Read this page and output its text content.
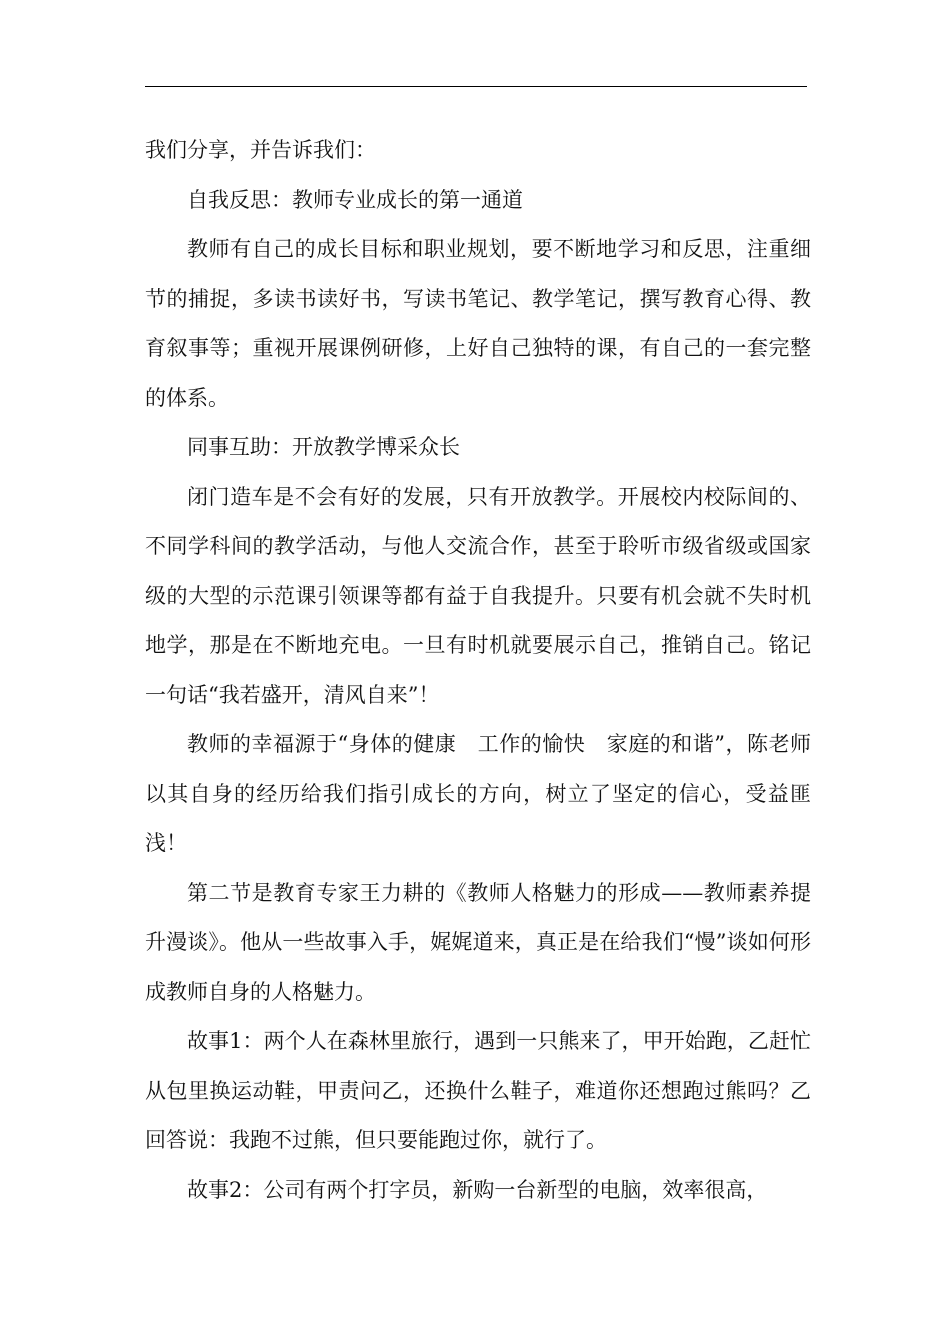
我们分享，并告诉我们：

自我反思：教师专业成长的第一通道

教师有自己的成长目标和职业规划，要不断地学习和反思，注重细节的捕捉，多读书读好书，写读书笔记、教学笔记，撰写教育心得、教育叙事等；重视开展课例研修，上好自己独特的课，有自己的一套完整的体系。

同事互助：开放教学博采众长

闭门造车是不会有好的发展，只有开放教学。开展校内校际间的、不同学科间的教学活动，与他人交流合作，甚至于聆听市级省级或国家级的大型的示范课引领课等都有益于自我提升。只要有机会就不失时机地学，那是在不断地充电。一旦有时机就要展示自己，推销自己。铭记一句话“我若盛开，清风自来”！

教师的幸福源于“身体的健康　工作的愉快　家庭的和谐”，陈老师以其自身的经历给我们指引成长的方向，树立了坚定的信心，受益匪浅！

第二节是教育专家王力耕的《教师人格魅力的形成——教师素养提升漫谈》。他从一些故事入手，娓娓道来，真正是在给我们“慢”谈如何形成教师自身的人格魅力。

故事1：两个人在森林里旅行，遇到一只熊来了，甲开始跑，乙赶忙从包里换运动鞋，甲责问乙，还换什么鞋子，难道你还想跑过熊吗？乙回答说：我跑不过熊，但只要能跑过你，就行了。

故事2：公司有两个打字员，新购一台新型的电脑，效率很高，
